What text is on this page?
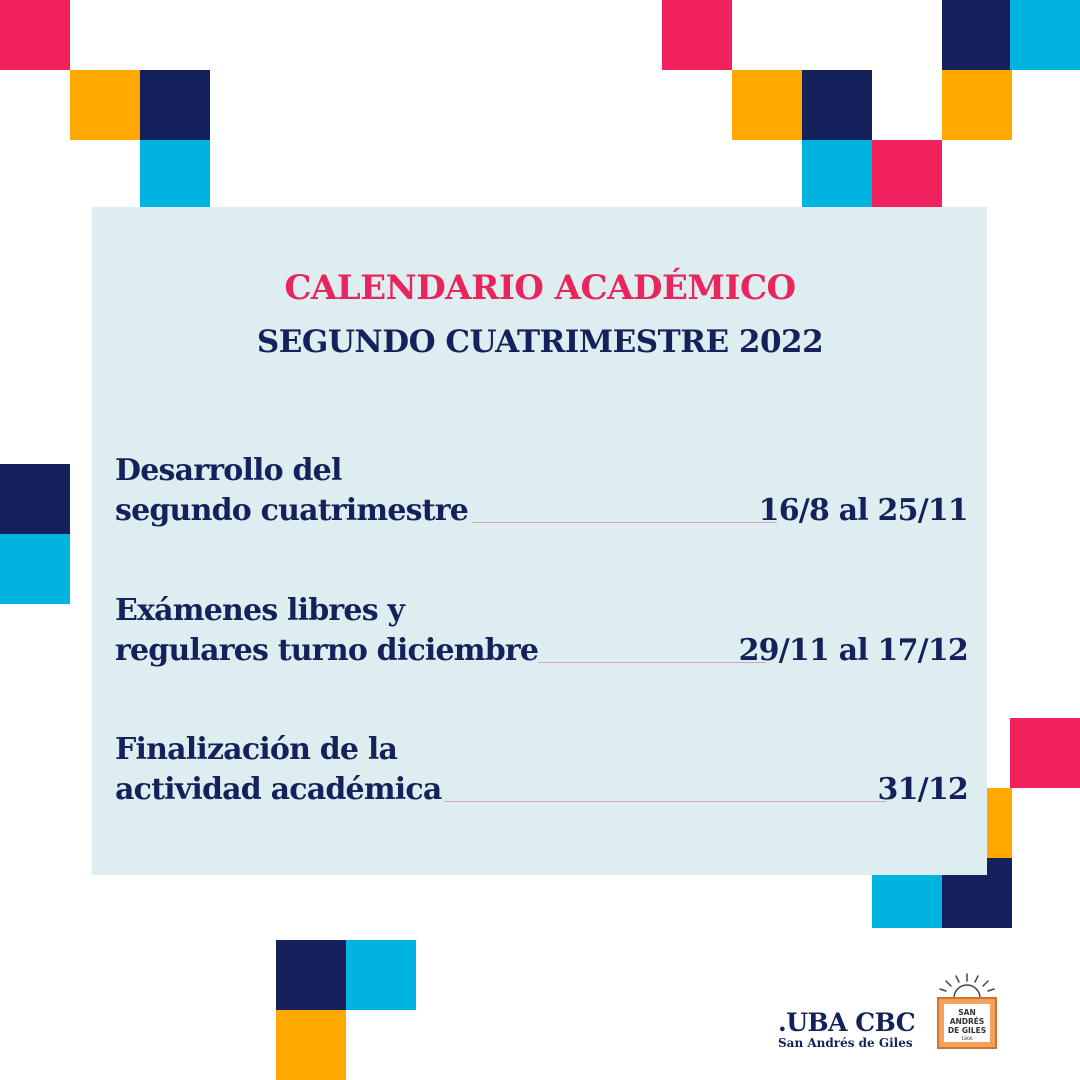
CALENDARIO ACADÉMICO
SEGUNDO CUATRIMESTRE 2022
Desarrollo del
segundo cuatrimestre	16/8 al 25/11
Exámenes libres y
regulares turno diciembre	29/11 al 17/12
Finalización de la
actividad académica	31/12
.UBA CBC
San Andrés de Giles
SAN
ANDRÉS
DE GILES
1806
